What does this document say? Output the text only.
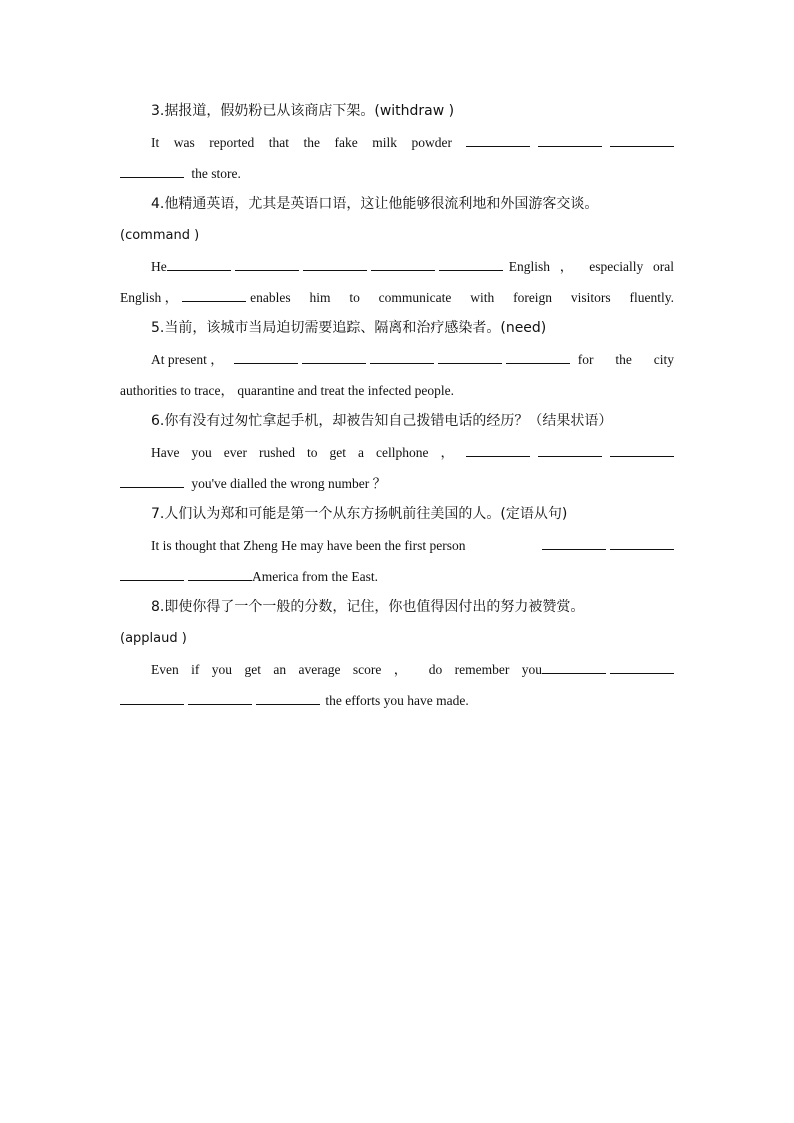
3.据报道，假奶粉已从该商店下架。(withdraw )
It was reported that the fake milk powder
the store.
4.他精通英语，尤其是英语口语，这让他能够很流利地和外国游客交谈。
(command )
He	English ， especially oral
English ，	enables him to communicate with foreign visitors fluently.
5.当前，该城市当局迫切需要追踪、隔离和治疗感染者。(need)
At present ，	for the city
authorities to trace， quarantine and treat the infected people.
6.你有没有过匆忙拿起手机，却被告知自己拨错电话的经历？（结果状语）
Have you ever rushed to get a cellphone ，
you've dialled the wrong number ？
7.人们认为郑和可能是第一个从东方扬帆前往美国的人。(定语从句)
It is thought that Zheng He may have been the first person
America from the East.
8.即使你得了一个一般的分数，记住，你也值得因付出的努力被赞赏。
(applaud )
Even if you get an average score ， do remember you
the efforts you have made.
